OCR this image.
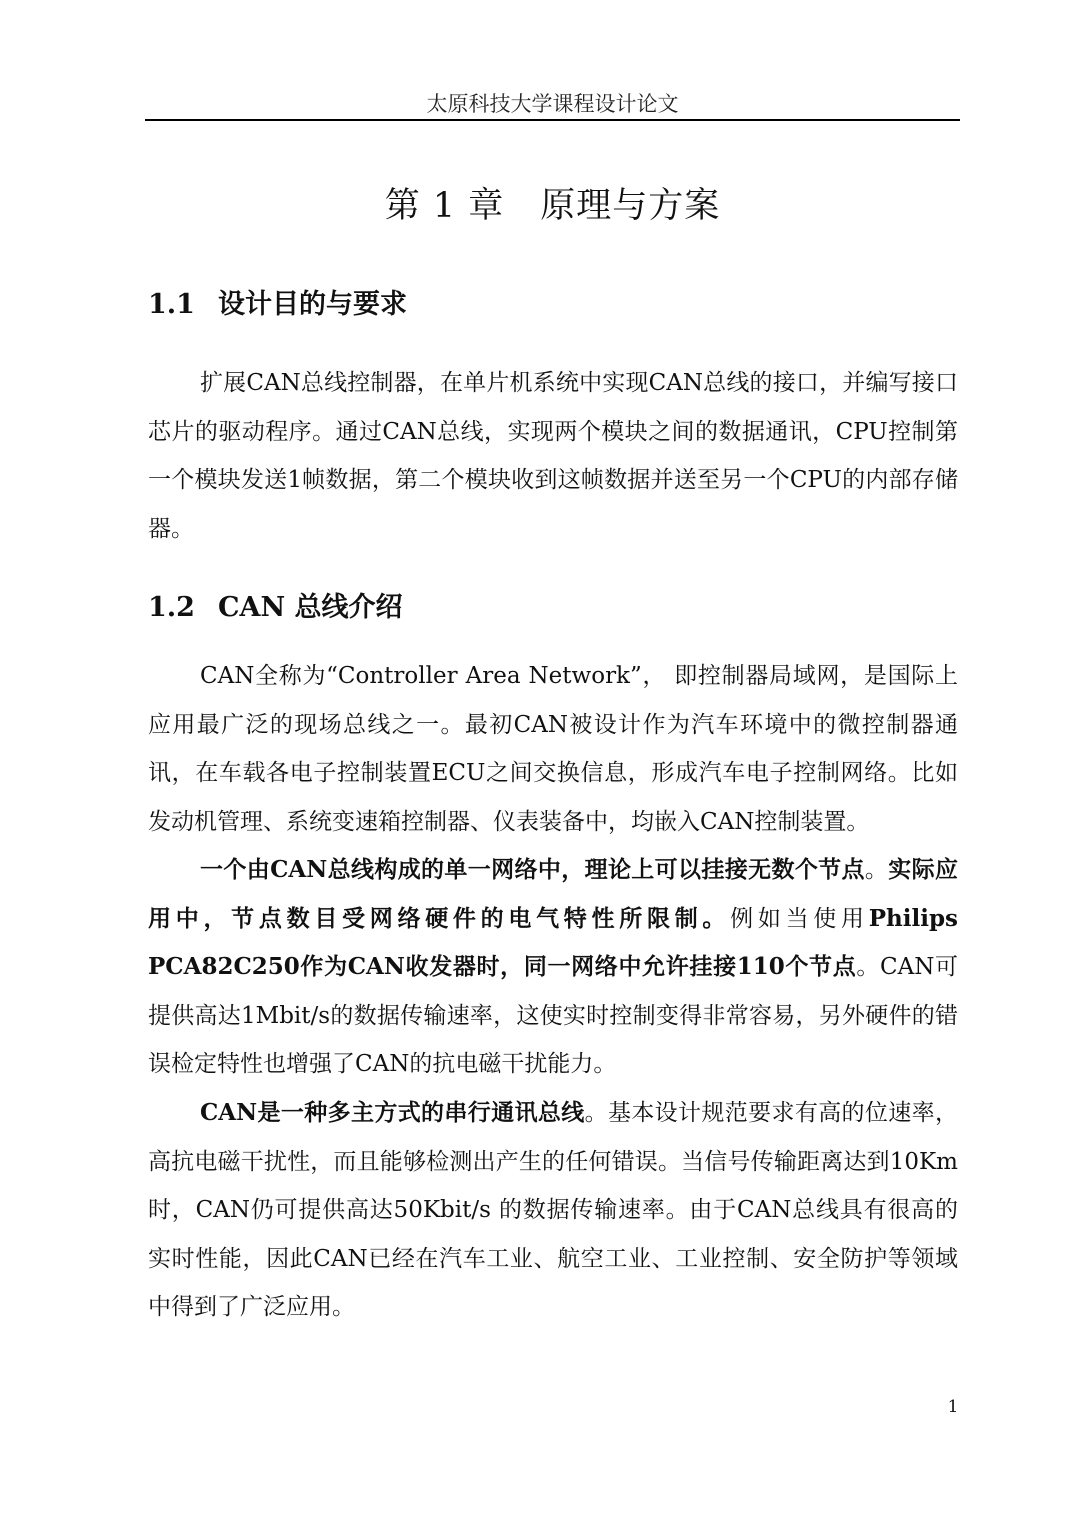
太原科技大学课程设计论文
第 1 章 原理与方案
1.1 设计目的与要求

扩展CAN总线控制器，在单片机系统中实现CAN总线的接口，并编写接口芯片的驱动程序。通过CAN总线，实现两个模块之间的数据通讯，CPU控制第一个模块发送1帧数据，第二个模块收到这帧数据并送至另一个CPU的内部存储器。

1.2 CAN 总线介绍

CAN全称为“Controller Area Network”， 即控制器局域网，是国际上应用最广泛的现场总线之一。最初CAN被设计作为汽车环境中的微控制器通讯，在车载各电子控制装置ECU之间交换信息，形成汽车电子控制网络。比如发动机管理、系统变速箱控制器、仪表装备中，均嵌入CAN控制装置。

一个由CAN总线构成的单一网络中，理论上可以挂接无数个节点。实际应用中，节点数目受网络硬件的电气特性所限制。例如当使用Philips PCA82C250作为CAN收发器时，同一网络中允许挂接110个节点。CAN可提供高达1Mbit/s的数据传输速率，这使实时控制变得非常容易，另外硬件的错误检定特性也增强了CAN的抗电磁干扰能力。

CAN是一种多主方式的串行通讯总线。基本设计规范要求有高的位速率，高抗电磁干扰性，而且能够检测出产生的任何错误。当信号传输距离达到10Km 时，CAN仍可提供高达50Kbit/s 的数据传输速率。由于CAN总线具有很高的实时性能，因此CAN已经在汽车工业、航空工业、工业控制、安全防护等领域中得到了广泛应用。

1
